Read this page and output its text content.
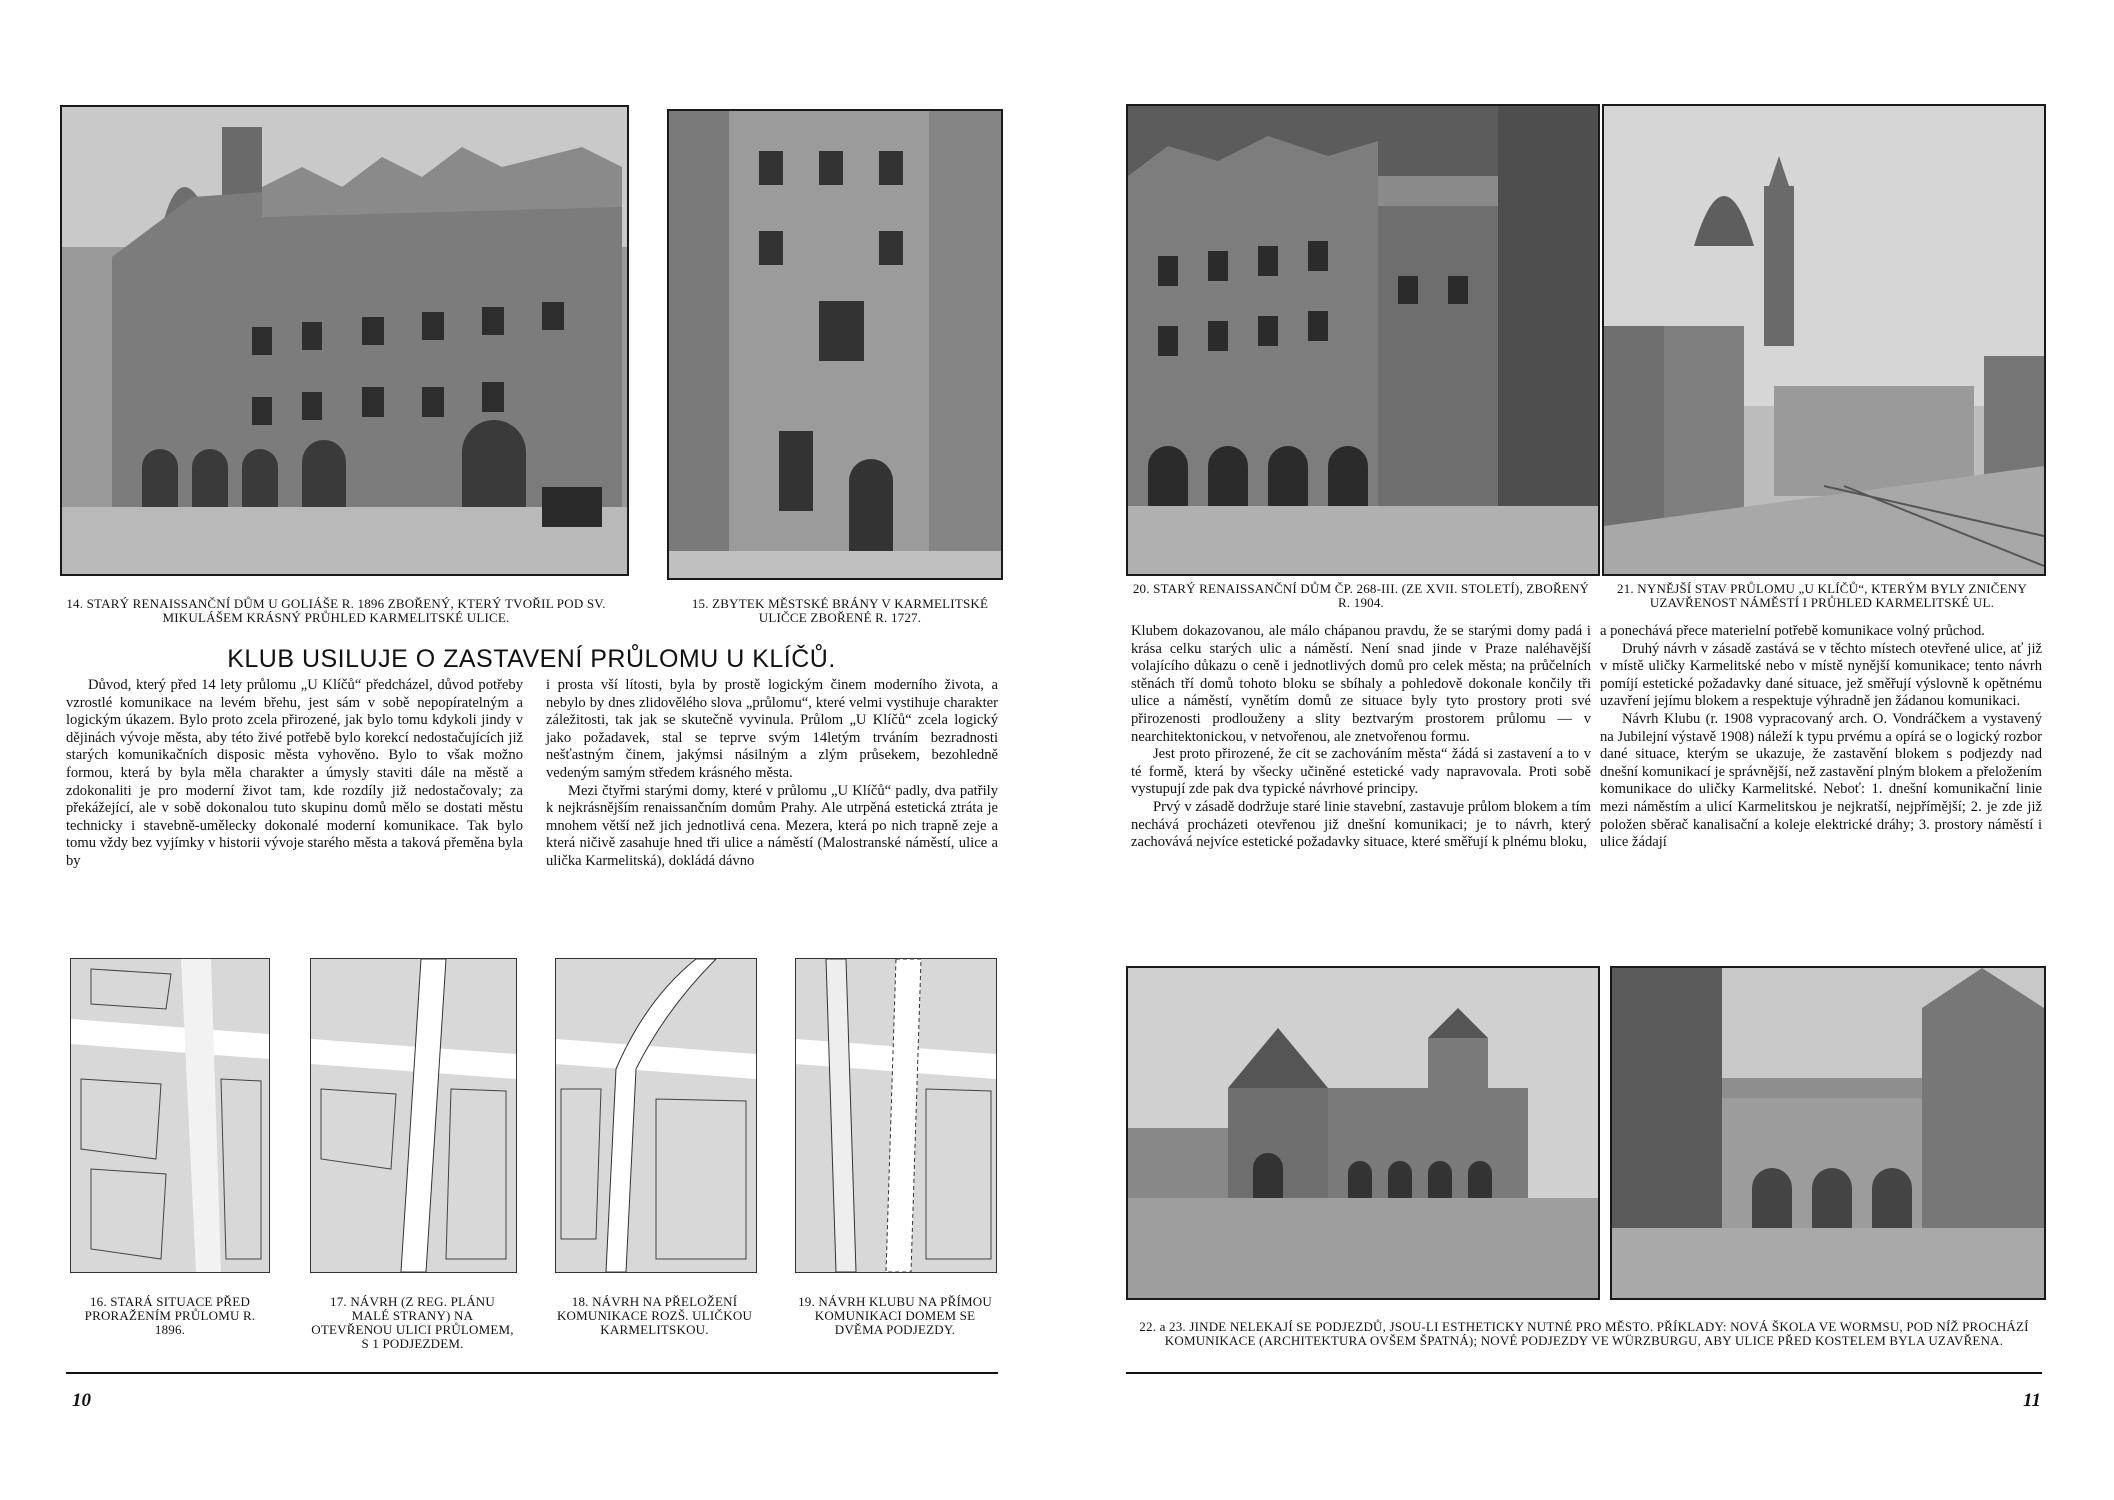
14. STARÝ RENAISSANČNÍ DŮM U GOLIÁŠE R. 1896 ZBOŘENÝ, KTERÝ TVOŘIL POD SV. MIKULÁŠEM KRÁSNÝ PRŮHLED KARMELITSKÉ ULICE.
15. ZBYTEK MĚSTSKÉ BRÁNY V KARMELITSKÉ ULIČCE ZBOŘENÉ R. 1727.
KLUB USILUJE O ZASTAVENÍ PRŮLOMU U KLÍČŮ.

Důvod, který před 14 lety průlomu „U Klíčů“ předcházel, důvod potřeby vzrostlé komunikace na levém břehu, jest sám v sobě nepopíratelným a logickým úkazem. Bylo proto zcela přirozené, jak bylo tomu kdykoli jindy v dějinách vývoje města, aby této živé potřebě bylo korekcí nedostačujících již starých komunikačních disposic města vyhověno. Bylo to však možno formou, která by byla měla charakter a úmysly staviti dále na městě a zdokonaliti je pro moderní život tam, kde rozdíly již nedostačovaly; za překážející, ale v sobě dokonalou tuto skupinu domů mělo se dostati městu technicky i stavebně-umělecky dokonalé moderní komunikace. Tak bylo tomu vždy bez vyjímky v historii vývoje starého města a taková přeměna byla by

i prosta vší lítosti, byla by prostě logickým činem moderního života, a nebylo by dnes zlidovělého slova „průlomu“, které velmi vystihuje charakter záležitosti, tak jak se skutečně vyvinula. Průlom „U Klíčů“ zcela logický jako požadavek, stal se teprve svým 14letým trváním bezradnosti nešťastným činem, jakýmsi násilným a zlým průsekem, bezohledně vedeným samým středem krásného města.

Mezi čtyřmi starými domy, které v průlomu „U Klíčů“ padly, dva patřily k nejkrásnějším renaissančním domům Prahy. Ale utrpěná estetická ztráta je mnohem větší než jich jednotlivá cena. Mezera, která po nich trapně zeje a která ničivě zasahuje hned tři ulice a náměstí (Malostranské náměstí, ulice a ulička Karmelitská), dokládá dávno

16. STARÁ SITUACE PŘED PRORAŽENÍM PRŮLOMU R. 1896.
17. NÁVRH (Z REG. PLÁNU MALÉ STRANY) NA OTEVŘENOU ULICI PRŮLOMEM, S 1 PODJEZDEM.
18. NÁVRH NA PŘELOŽENÍ KOMUNIKACE ROZŠ. ULIČKOU KARMELITSKOU.
19. NÁVRH KLUBU NA PŘÍMOU KOMUNIKACI DOMEM SE DVĚMA PODJEZDY.
10
20. STARÝ RENAISSANČNÍ DŮM ČP. 268-III. (ZE XVII. STOLETÍ), ZBOŘENÝ R. 1904.
21. NYNĚJŠÍ STAV PRŮLOMU „U KLÍČŮ“, KTERÝM BYLY ZNIČENY UZAVŘENOST NÁMĚSTÍ I PRŮHLED KARMELITSKÉ UL.

Klubem dokazovanou, ale málo chápanou pravdu, že se starými domy padá i krása celku starých ulic a náměstí. Není snad jinde v Praze naléhavější volajícího důkazu o ceně i jednotlivých domů pro celek města; na průčelních stěnách tří domů tohoto bloku se sbíhaly a pohledově dokonale končily tři ulice a náměstí, vynětím domů ze situace byly tyto prostory proti své přirozenosti prodlouženy a slity beztvarým prostorem průlomu — v nearchitektonickou, v netvořenou, ale znetvořenou formu.

Jest proto přirozené, že cit se zachováním města“ žádá si zastavení a to v té formě, která by všecky učiněné estetické vady napravovala. Proti sobě vystupují zde pak dva typické návrhové principy.

Prvý v zásadě dodržuje staré linie stavební, zastavuje průlom blokem a tím nechává procházeti otevřenou již dnešní komunikaci; je to návrh, který zachovává nejvíce estetické požadavky situace, které směřují k plnému bloku,

a ponechává přece materielní potřebě komunikace volný průchod.

Druhý návrh v zásadě zastává se v těchto místech otevřené ulice, ať již v místě uličky Karmelitské nebo v místě nynější komunikace; tento návrh pomíjí estetické požadavky dané situace, jež směřují výslovně k opětnému uzavření jejímu blokem a respektuje výhradně jen žádanou komunikaci.

Návrh Klubu (r. 1908 vypracovaný arch. O. Vondráčkem a vystavený na Jubilejní výstavě 1908) náleží k typu prvému a opírá se o logický rozbor dané situace, kterým se ukazuje, že zastavění blokem s podjezdy nad dnešní komunikací je správnější, než zastavění plným blokem a přeložením komunikace do uličky Karmelitské. Neboť: 1. dnešní komunikační linie mezi náměstím a ulicí Karmelitskou je nejkratší, nejpřímější; 2. je zde již položen sběrač kanalisační a koleje elektrické dráhy; 3. prostory náměstí i ulice žádají

22. a 23. JINDE NELEKAJÍ SE PODJEZDŮ, JSOU-LI ESTHETICKY NUTNÉ PRO MĚSTO. PŘÍKLADY: NOVÁ ŠKOLA VE WORMSU, POD NÍŽ PROCHÁZÍ KOMUNIKACE (ARCHITEKTURA OVŠEM ŠPATNÁ); NOVÉ PODJEZDY VE WÜRZBURGU, ABY ULICE PŘED KOSTELEM BYLA UZAVŘENA.
11
